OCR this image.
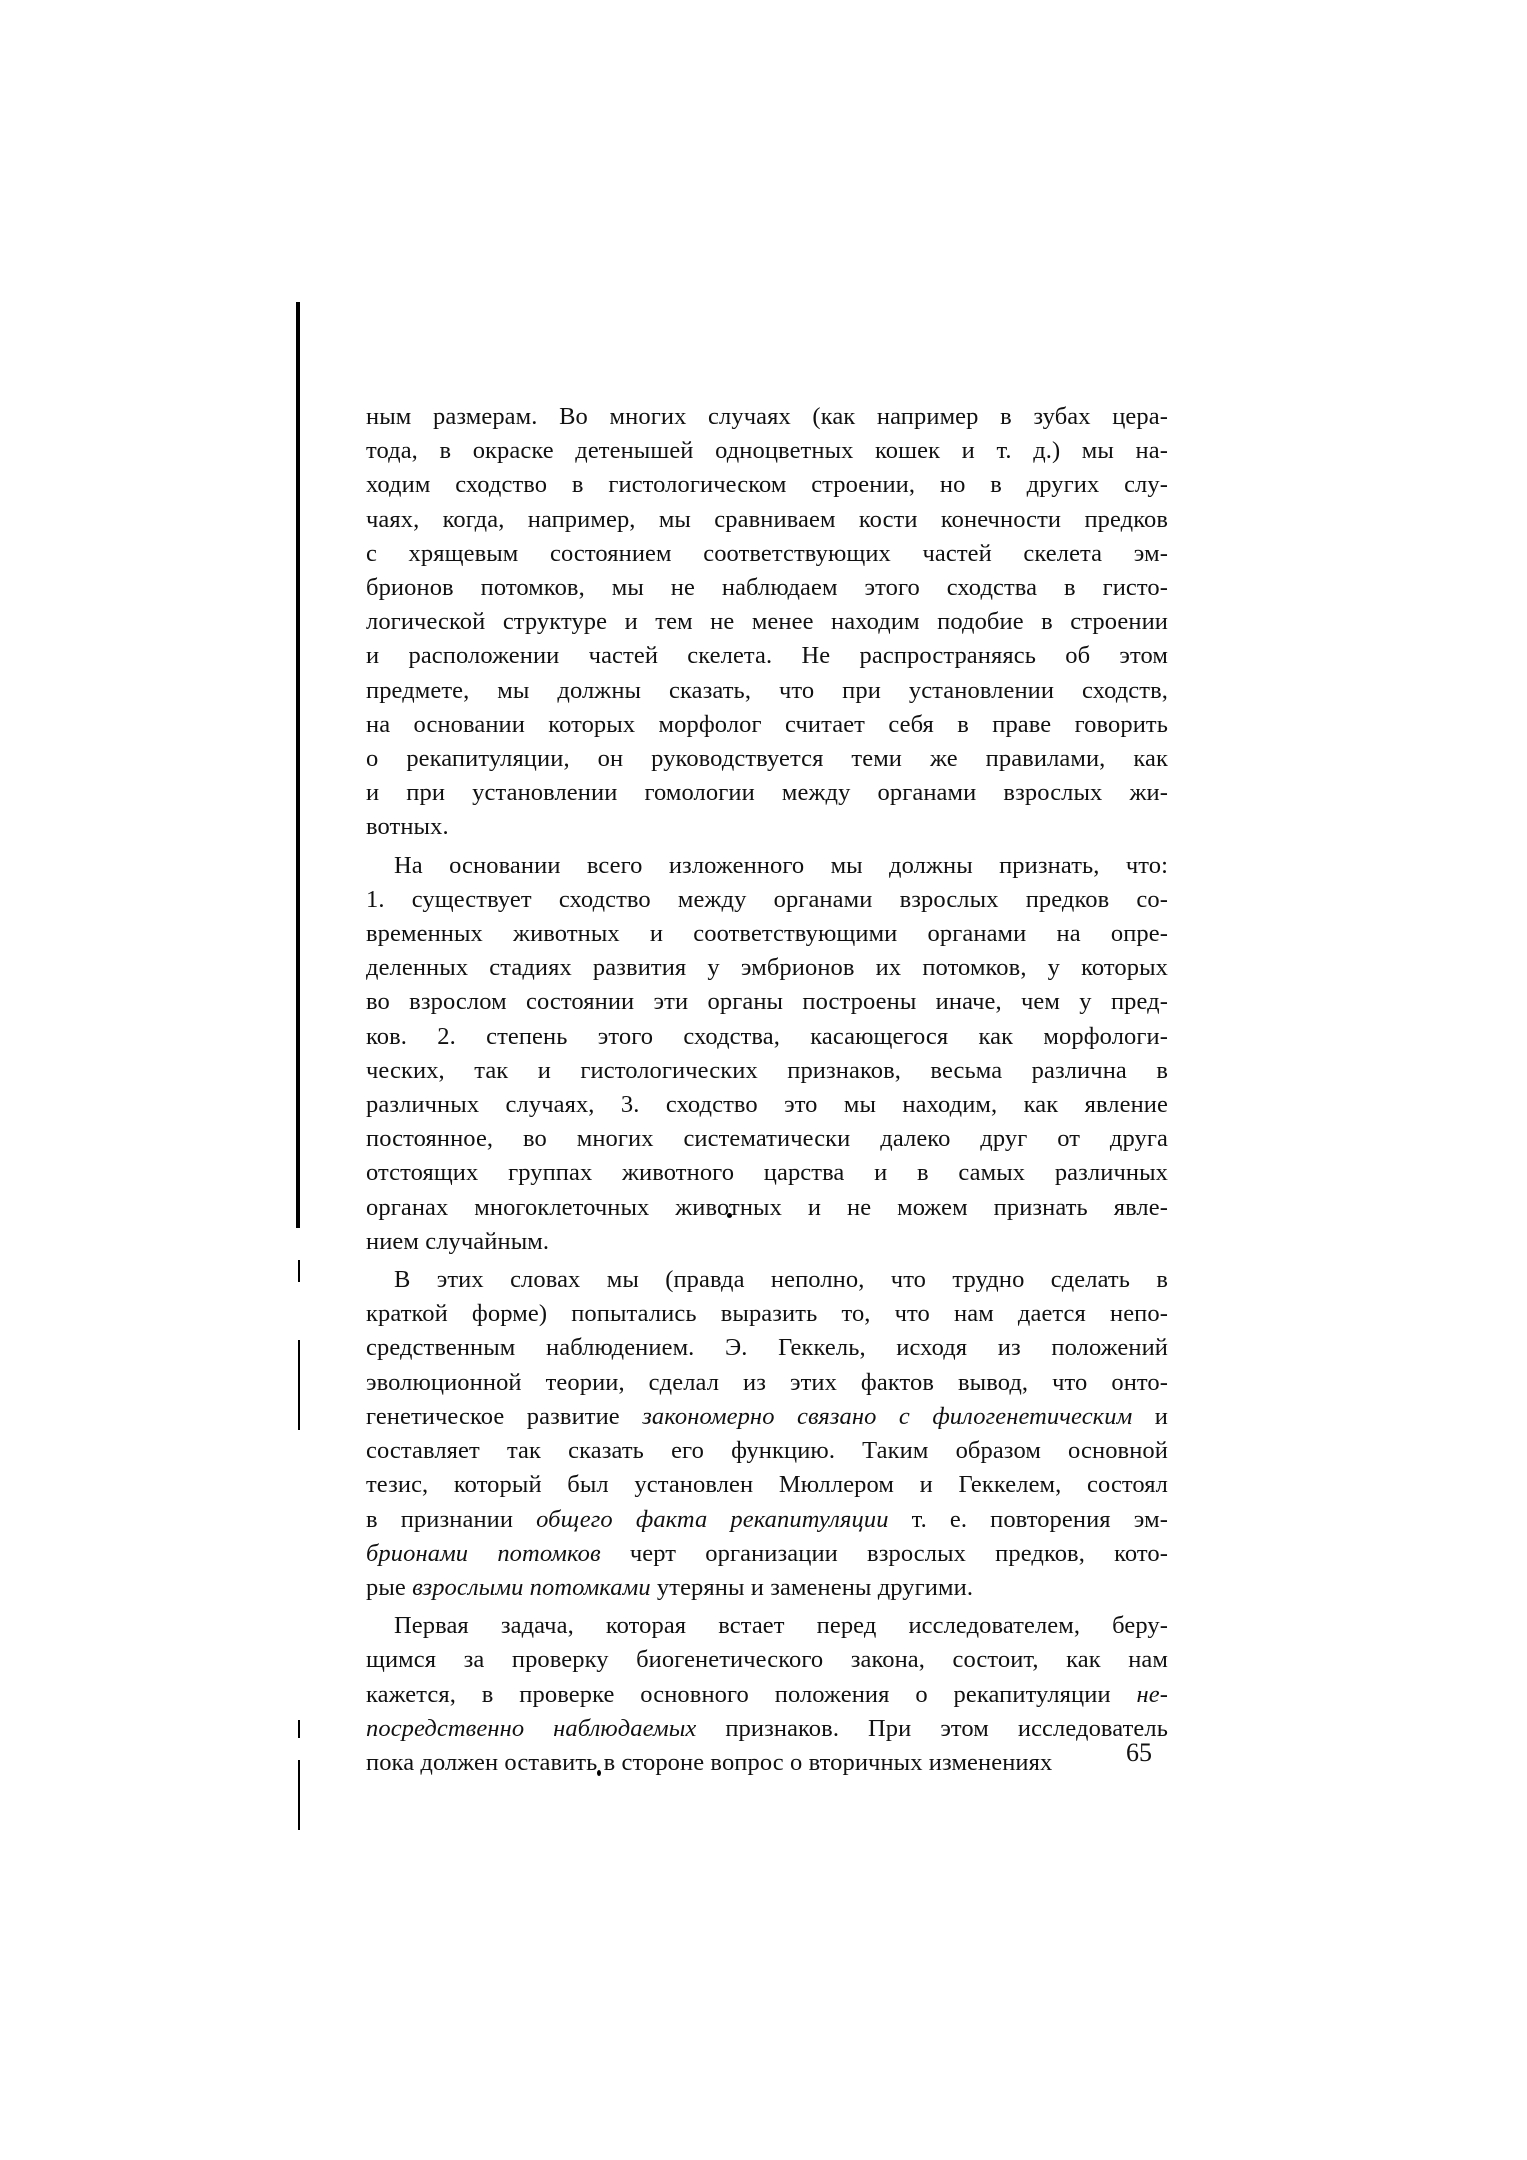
ным размерам. Во многих случаях (как например в зубах цера-
тода, в окраске детенышей одноцветных кошек и т. д.) мы на-
ходим сходство в гистологическом строении, но в других слу-
чаях, когда, например, мы сравниваем кости конечности предков
с хрящевым состоянием соответствующих частей скелета эм-
брионов потомков, мы не наблюдаем этого сходства в гисто-
логической структуре и тем не менее находим подобие в строении
и расположении частей скелета. Не распространяясь об этом
предмете, мы должны сказать, что при установлении сходств,
на основании которых морфолог считает себя в праве говорить
о рекапитуляции, он руководствуется теми же правилами, как
и при установлении гомологии между органами взрослых жи-
вотных.

На основании всего изложенного мы должны признать, что:
1. существует сходство между органами взрослых предков со-
временных животных и соответствующими органами на опре-
деленных стадиях развития у эмбрионов их потомков, у которых
во взрослом состоянии эти органы построены иначе, чем у пред-
ков. 2. степень этого сходства, касающегося как морфологи-
ческих, так и гистологических признаков, весьма различна в
различных случаях, 3. сходство это мы находим, как явление
постоянное, во многих систематически далеко друг от друга
отстоящих группах животного царства и в самых различных
органах многоклеточных животных и не можем признать явле-
нием случайным.

В этих словах мы (правда неполно, что трудно сделать в
краткой форме) попытались выразить то, что нам дается непо-
средственным наблюдением. Э. Геккель, исходя из положений
эволюционной теории, сделал из этих фактов вывод, что онто-
генетическое развитие закономерно связано с филогенетическим и
составляет так сказать его функцию. Таким образом основной
тезис, который был установлен Мюллером и Геккелем, состоял
в признании общего факта рекапитуляции т. е. повторения эм-
брионами потомков черт организации взрослых предков, кото-
рые взрослыми потомками утеряны и заменены другими.

Первая задача, которая встает перед исследователем, беру-
щимся за проверку биогенетического закона, состоит, как нам
кажется, в проверке основного положения о рекапитуляции не-
посредственно наблюдаемых признаков. При этом исследователь
пока должен оставить в стороне вопрос о вторичных изменениях	65
